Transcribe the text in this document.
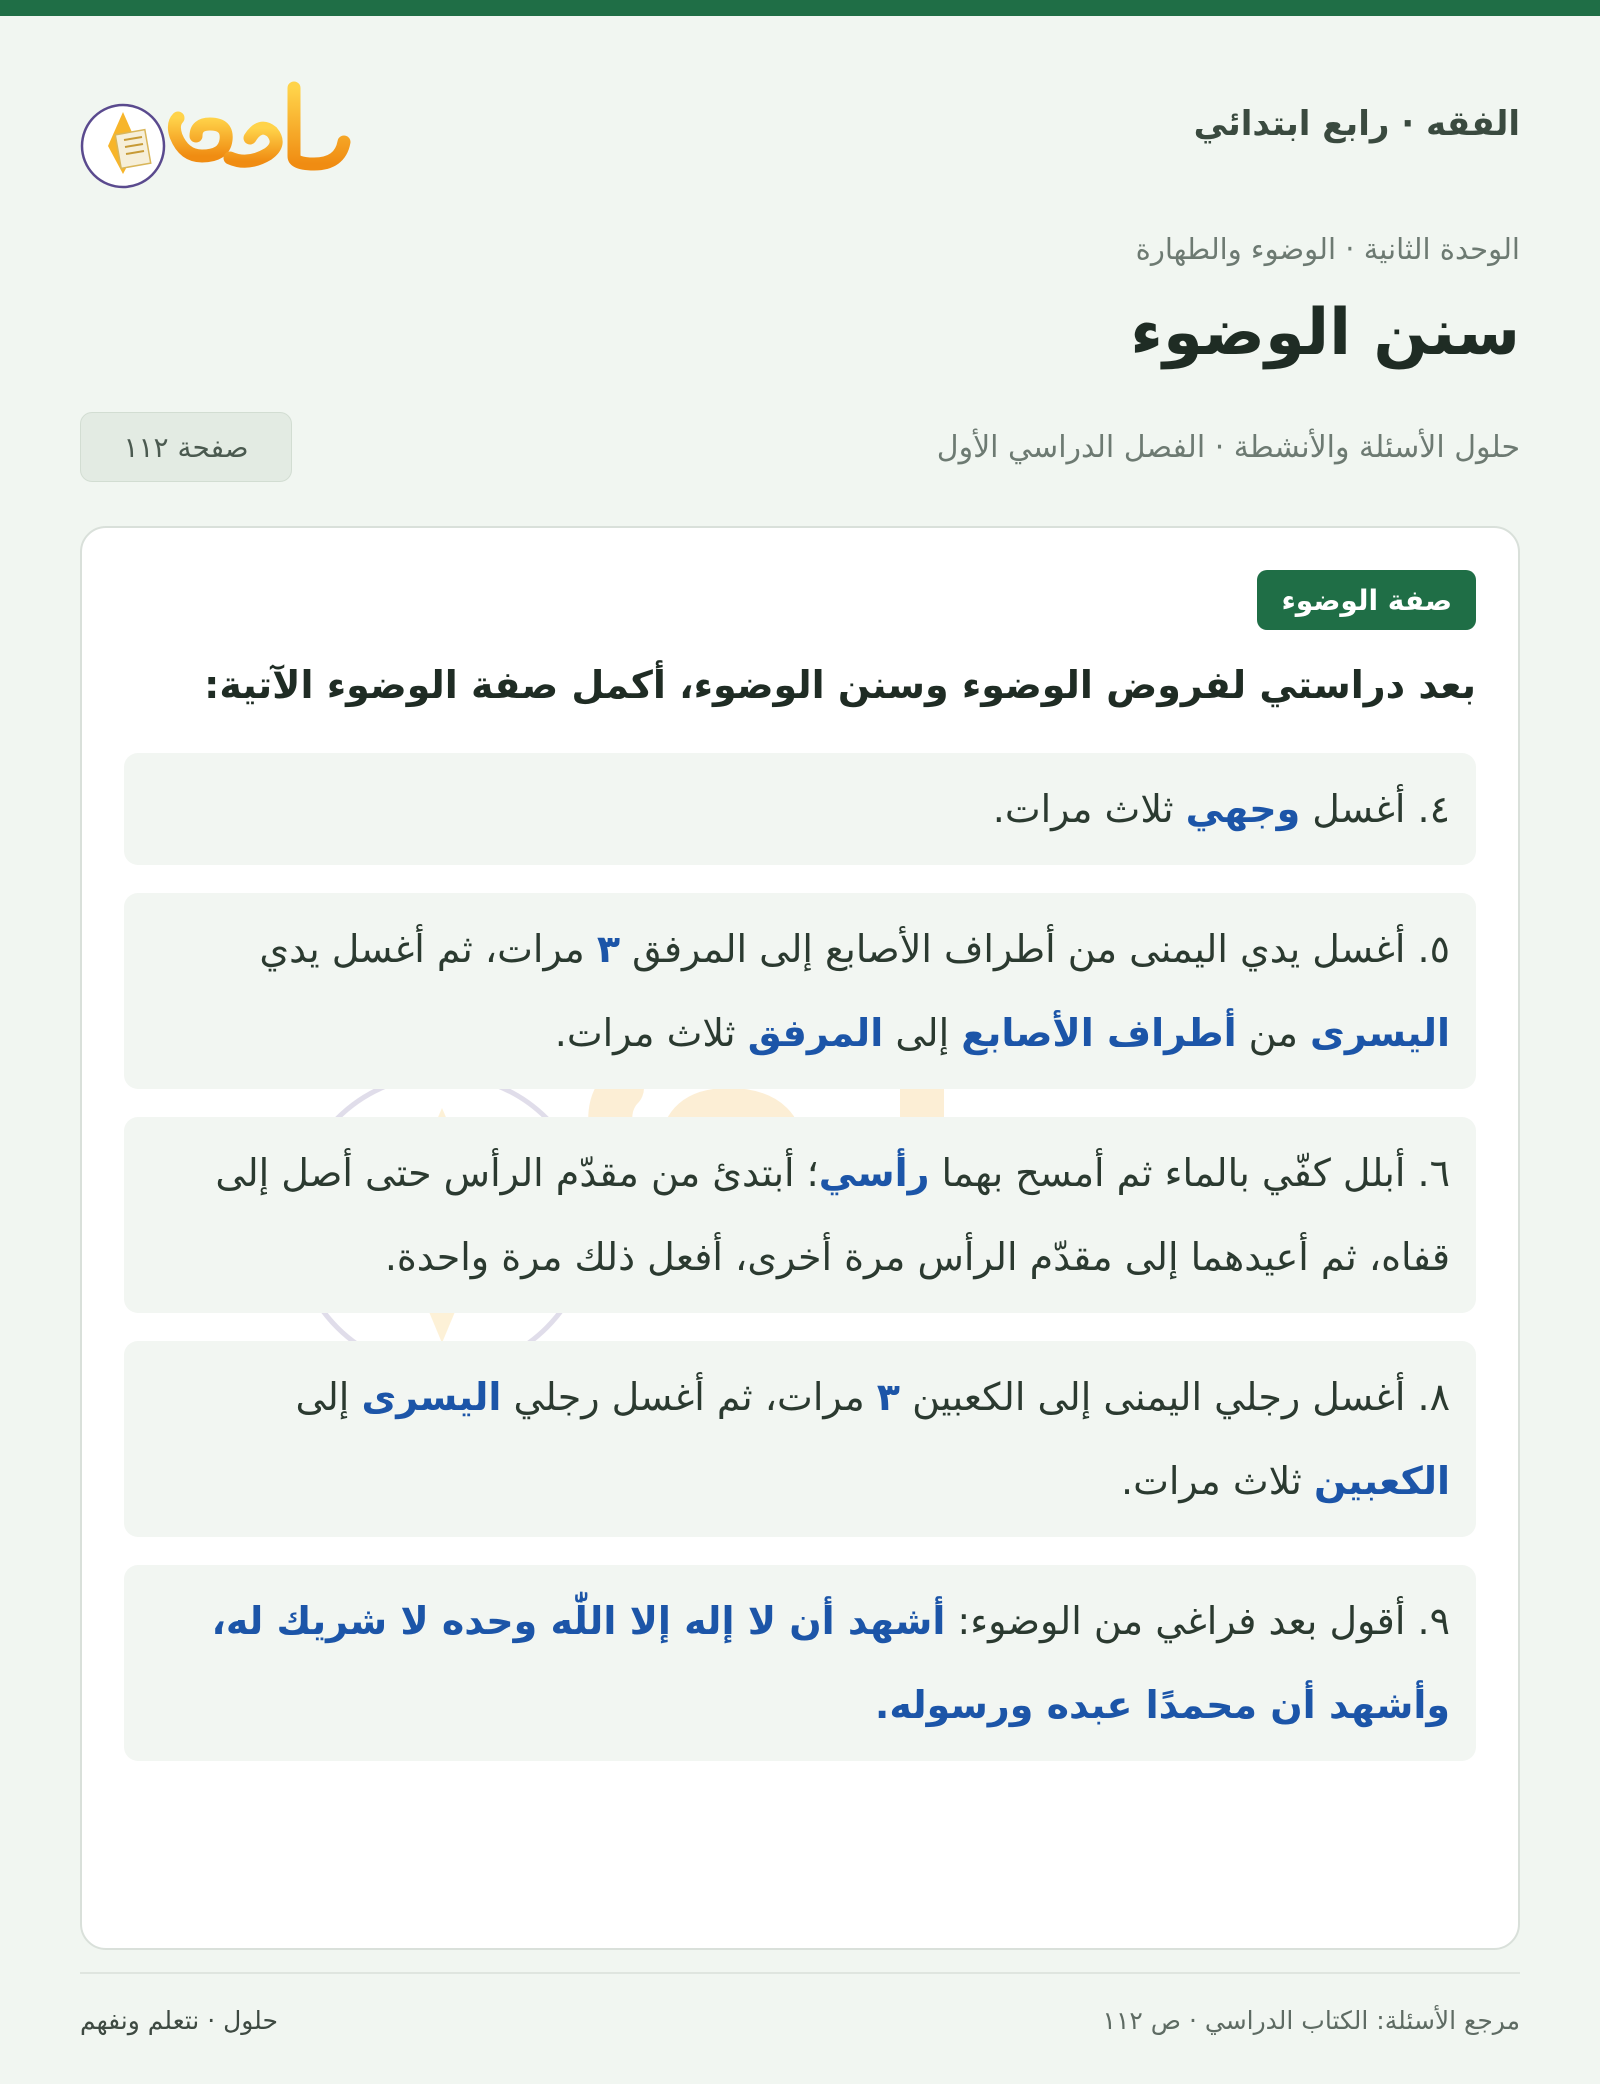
الفقه · رابع ابتدائي
.
الوحدة الثانية · الوضوء والطهارة
سنن الوضوء
حلول الأسئلة والأنشطة · الفصل الدراسي الأول
صفحة ١١٢
صفة الوضوء

بعد دراستي لفروض الوضوء وسنن الوضوء، أكمل صفة الوضوء الآتية:

٤. أغسل وجهي ثلاث مرات.
٥. أغسل يدي اليمنى من أطراف الأصابع إلى المرفق ٣ مرات، ثم أغسل يدي اليسرى من أطراف الأصابع إلى المرفق ثلاث مرات.
٦. أبلل كفّي بالماء ثم أمسح بهما رأسي؛ أبتدئ من مقدّم الرأس حتى أصل إلى قفاه، ثم أعيدهما إلى مقدّم الرأس مرة أخرى، أفعل ذلك مرة واحدة.
٨. أغسل رجلي اليمنى إلى الكعبين ٣ مرات، ثم أغسل رجلي اليسرى إلى الكعبين ثلاث مرات.
٩. أقول بعد فراغي من الوضوء: أشهد أن لا إله إلا اللّٰه وحده لا شريك له، وأشهد أن محمدًا عبده ورسوله.
مرجع الأسئلة: الكتاب الدراسي · ص ١١٢
حلول · نتعلم ونفهم
